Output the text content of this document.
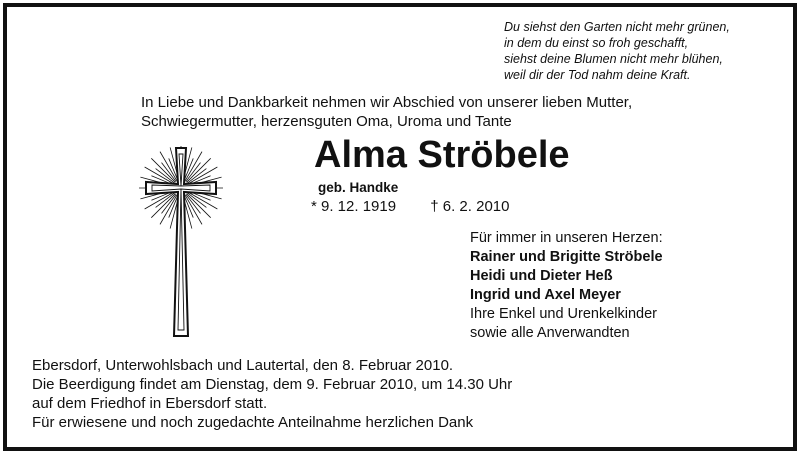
Du siehst den Garten nicht mehr grünen,
in dem du einst so froh geschafft,
siehst deine Blumen nicht mehr blühen,
weil dir der Tod nahm deine Kraft.
In Liebe und Dankbarkeit nehmen wir Abschied von unserer lieben Mutter,
Schwiegermutter, herzensguten Oma, Uroma und Tante
Alma Ströbele
geb. Handke
* 9. 12. 1919 † 6. 2. 2010
Für immer in unseren Herzen:
Rainer und Brigitte Ströbele
Heidi und Dieter Heß
Ingrid und Axel Meyer
Ihre Enkel und Urenkelkinder
sowie alle Anverwandten
Ebersdorf, Unterwohlsbach und Lautertal, den 8. Februar 2010.
Die Beerdigung findet am Dienstag, dem 9. Februar 2010, um 14.30 Uhr
auf dem Friedhof in Ebersdorf statt.
Für erwiesene und noch zugedachte Anteilnahme herzlichen Dank
